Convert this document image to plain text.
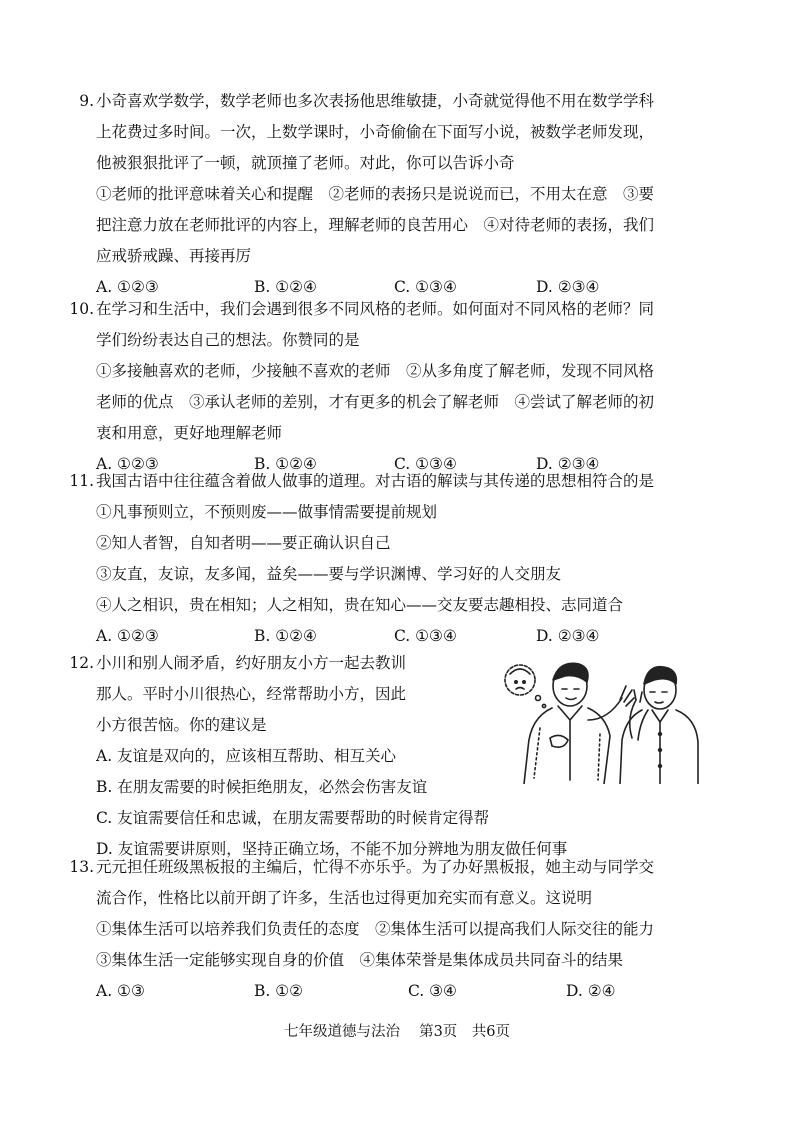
9. 小奇喜欢学数学，数学老师也多次表扬他思维敏捷，小奇就觉得他不用在数学学科
上花费过多时间。一次，上数学课时，小奇偷偷在下面写小说，被数学老师发现，
他被狠狠批评了一顿，就顶撞了老师。对此，你可以告诉小奇
①老师的批评意味着关心和提醒　②老师的表扬只是说说而已，不用太在意　③要
把注意力放在老师批评的内容上，理解老师的良苦用心　④对待老师的表扬，我们
应戒骄戒躁、再接再厉
A. ①②③	B. ①②④	C. ①③④	D. ②③④
10. 在学习和生活中，我们会遇到很多不同风格的老师。如何面对不同风格的老师？同
学们纷纷表达自己的想法。你赞同的是
①多接触喜欢的老师，少接触不喜欢的老师　②从多角度了解老师，发现不同风格
老师的优点　③承认老师的差别，才有更多的机会了解老师　④尝试了解老师的初
衷和用意，更好地理解老师
A. ①②③	B. ①②④	C. ①③④	D. ②③④
11. 我国古语中往往蕴含着做人做事的道理。对古语的解读与其传递的思想相符合的是
①凡事预则立，不预则废——做事情需要提前规划
②知人者智，自知者明——要正确认识自己
③友直，友谅，友多闻，益矣——要与学识渊博、学习好的人交朋友
④人之相识，贵在相知；人之相知，贵在知心——交友要志趣相投、志同道合
A. ①②③	B. ①②④	C. ①③④	D. ②③④
12. 小川和别人闹矛盾，约好朋友小方一起去教训
那人。平时小川很热心，经常帮助小方，因此
小方很苦恼。你的建议是
A. 友谊是双向的，应该相互帮助、相互关心
B. 在朋友需要的时候拒绝朋友，必然会伤害友谊
C. 友谊需要信任和忠诚，在朋友需要帮助的时候肯定得帮
D. 友谊需要讲原则，坚持正确立场，不能不加分辨地为朋友做任何事
13. 元元担任班级黑板报的主编后，忙得不亦乐乎。为了办好黑板报，她主动与同学交
流合作，性格比以前开朗了许多，生活也过得更加充实而有意义。这说明
①集体生活可以培养我们负责任的态度　②集体生活可以提高我们人际交往的能力
③集体生活一定能够实现自身的价值　④集体荣誉是集体成员共同奋斗的结果
A. ①③	B. ①②	C. ③④	D. ②④
七年级道德与法治　 第3页　共6页
